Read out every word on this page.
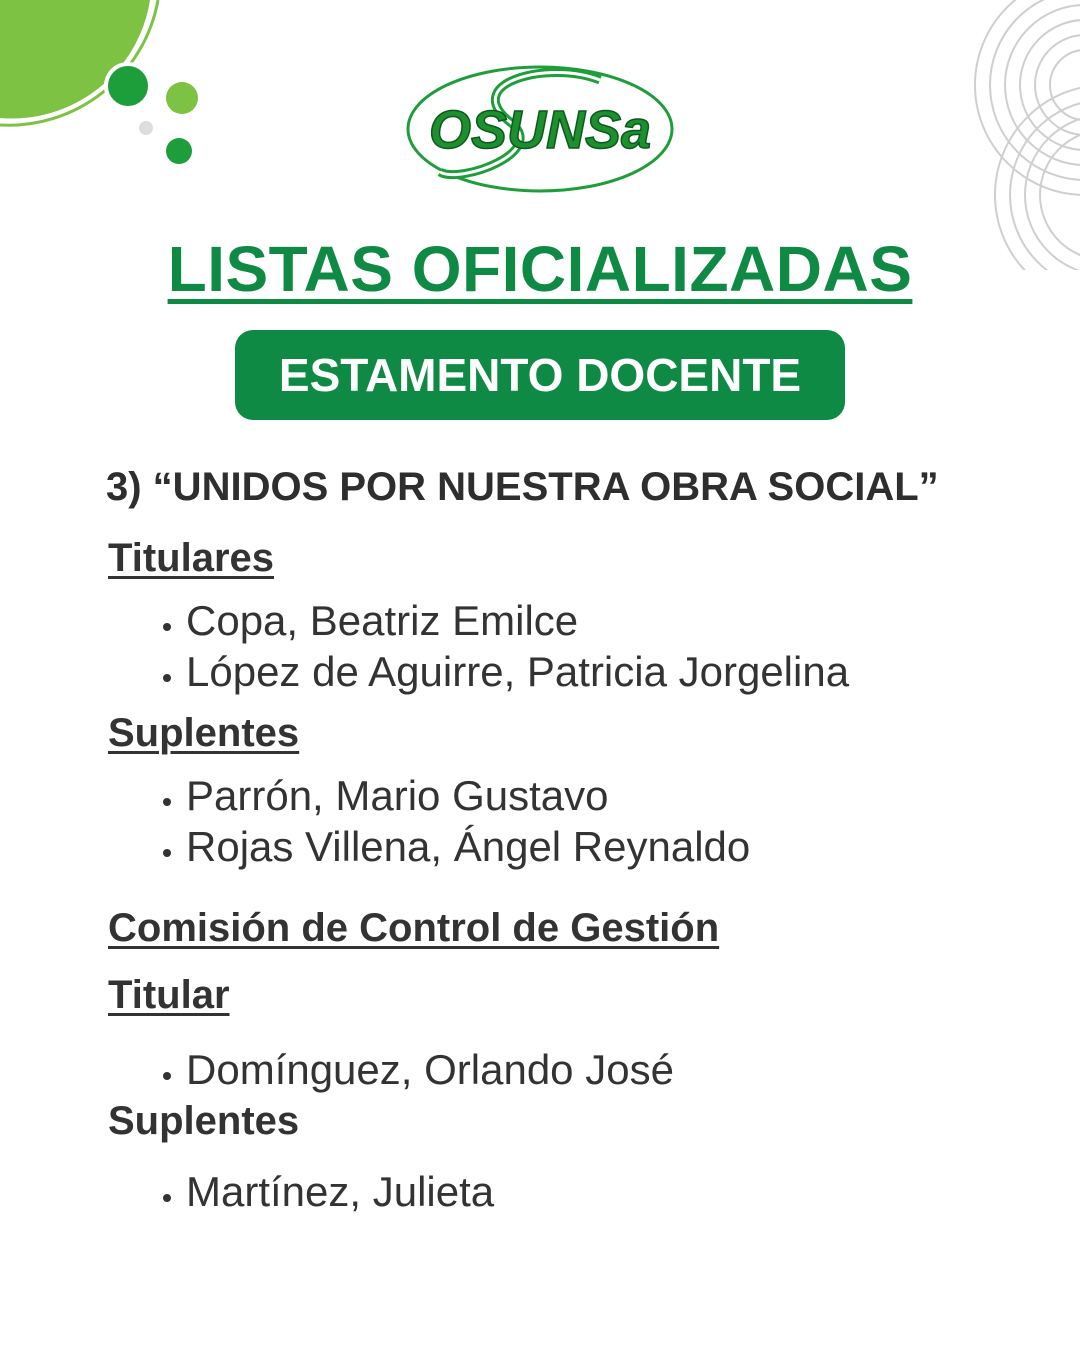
OSUNSa
LISTAS OFICIALIZADAS
ESTAMENTO DOCENTE
3) “UNIDOS POR NUESTRA OBRA SOCIAL”
Titulares
• Copa, Beatriz Emilce
• López de Aguirre, Patricia Jorgelina
Suplentes
• Parrón, Mario Gustavo
• Rojas Villena, Ángel Reynaldo
Comisión de Control de Gestión
Titular
• Domínguez, Orlando José
Suplentes
• Martínez, Julieta
